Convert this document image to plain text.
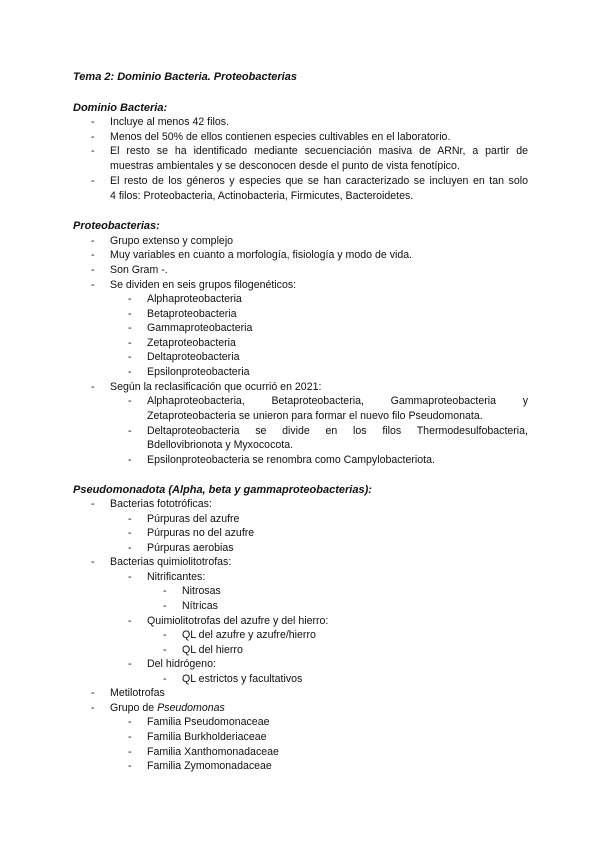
Tema 2: Dominio Bacteria. Proteobacterias
Dominio Bacteria:
- Incluye al menos 42 filos.
- Menos del 50% de ellos contienen especies cultivables en el laboratorio.
- El resto se ha identificado mediante secuenciación masiva de ARNr, a partir de
muestras ambientales y se desconocen desde el punto de vista fenotípico.
- El resto de los géneros y especies que se han caracterizado se incluyen en tan solo
4 filos: Proteobacteria, Actinobacteria, Firmicutes, Bacteroidetes.
Proteobacterias:
- Grupo extenso y complejo
- Muy variables en cuanto a morfología, fisiología y modo de vida.
- Son Gram -.
- Se dividen en seis grupos filogenéticos:
- Alphaproteobacteria
- Betaproteobacteria
- Gammaproteobacteria
- Zetaproteobacteria
- Deltaproteobacteria
- Epsilonproteobacteria
- Según la reclasificación que ocurrió en 2021:
- Alphaproteobacteria, Betaproteobacteria, Gammaproteobacteria y
Zetaproteobacteria se unieron para formar el nuevo filo Pseudomonata.
- Deltaproteobacteria se divide en los filos Thermodesulfobacteria,
Bdellovibrionota y Myxococota.
- Epsilonproteobacteria se renombra como Campylobacteriota.
Pseudomonadota (Alpha, beta y gammaproteobacterias):
- Bacterias fototróficas:
- Púrpuras del azufre
- Púrpuras no del azufre
- Púrpuras aerobias
- Bacterias quimiolitotrofas:
- Nitrificantes:
- Nitrosas
- Nítricas
- Quimiolitotrofas del azufre y del hierro:
- QL del azufre y azufre/hierro
- QL del hierro
- Del hidrógeno:
- QL estrictos y facultativos
- Metilotrofas
- Grupo de Pseudomonas
- Familia Pseudomonaceae
- Familia Burkholderiaceae
- Familia Xanthomonadaceae
- Familia Zymomonadaceae
